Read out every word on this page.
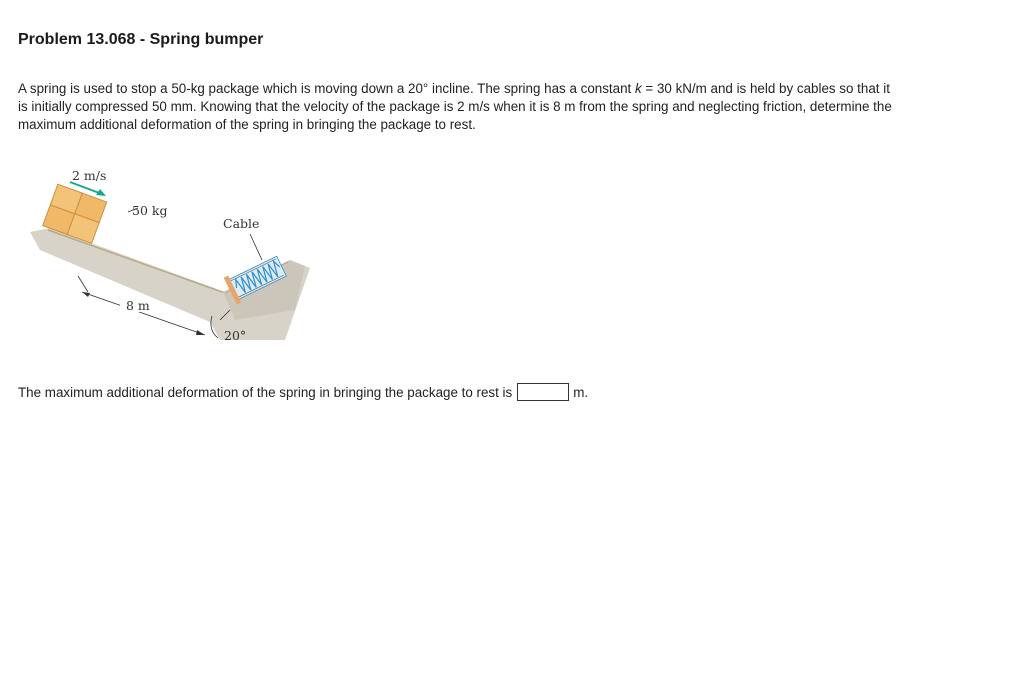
Problem 13.068 - Spring bumper
A spring is used to stop a 50-kg package which is moving down a 20° incline. The spring has a constant k = 30 kN/m and is held by cables so that it is initially compressed 50 mm. Knowing that the velocity of the package is 2 m/s when it is 8 m from the spring and neglecting friction, determine the maximum additional deformation of the spring in bringing the package to rest.
2 m/s
50 kg
Cable
8 m
20°
The maximum additional deformation of the spring in bringing the package to rest is	m.
